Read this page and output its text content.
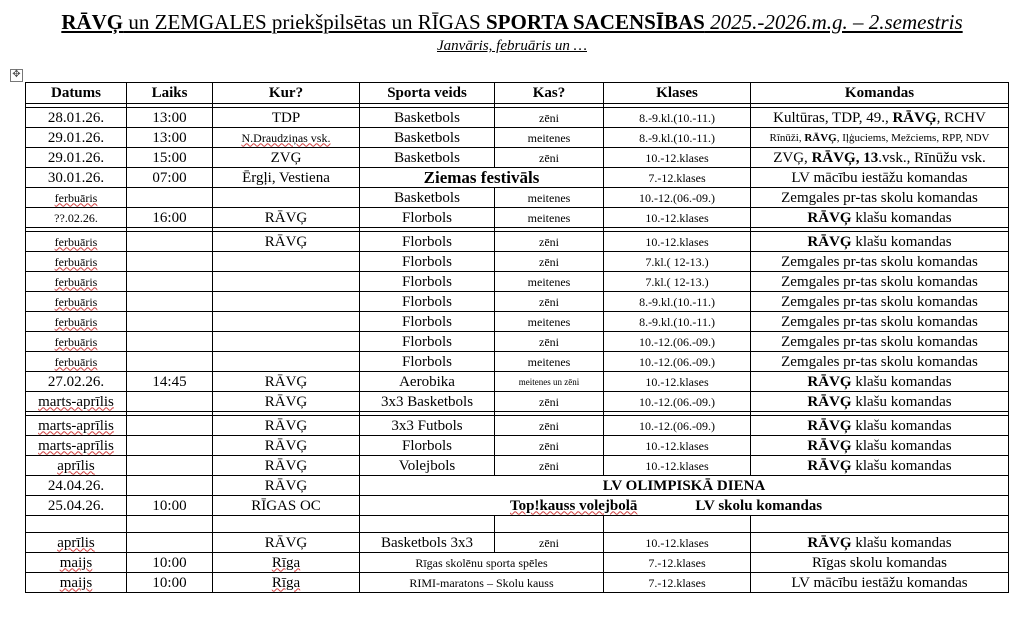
RĀVĢ un ZEMGALES priekšpilsētas un RĪGAS SPORTA SACENSĪBAS 2025.-2026.m.g. – 2.semestris
Janvāris, februāris un …
✥
Datums	Laiks	Kur?	Sporta veids	Kas?	Klases	Komandas

28.01.26.	13:00	TDP	Basketbols	zēni	8.-9.kl.(10.-11.)	Kultūras, TDP, 49., RĀVĢ, RCHV
29.01.26.	13:00	N.Draudziņas vsk.	Basketbols	meitenes	8.-9.kl.(10.-11.)	Rīnūži, RĀVĢ, Iļģuciems, Mežciems, RPP, NDV
29.01.26.	15:00	ZVĢ	Basketbols	zēni	10.-12.klases	ZVĢ, RĀVĢ, 13.vsk., Rīnūžu vsk.
30.01.26.	07:00	Ērgļi, Vestiena	Ziemas festivāls		7.-12.klases	LV mācību iestāžu komandas
ferbuāris			Basketbols	meitenes	10.-12.(06.-09.)	Zemgales pr-tas skolu komandas
??.02.26.	16:00	RĀVĢ	Florbols	meitenes	10.-12.klases	RĀVĢ klašu komandas

ferbuāris		RĀVĢ	Florbols	zēni	10.-12.klases	RĀVĢ klašu komandas
ferbuāris			Florbols	zēni	7.kl.( 12-13.)	Zemgales pr-tas skolu komandas
ferbuāris			Florbols	meitenes	7.kl.( 12-13.)	Zemgales pr-tas skolu komandas
ferbuāris			Florbols	zēni	8.-9.kl.(10.-11.)	Zemgales pr-tas skolu komandas
ferbuāris			Florbols	meitenes	8.-9.kl.(10.-11.)	Zemgales pr-tas skolu komandas
ferbuāris			Florbols	zēni	10.-12.(06.-09.)	Zemgales pr-tas skolu komandas
ferbuāris			Florbols	meitenes	10.-12.(06.-09.)	Zemgales pr-tas skolu komandas
27.02.26.	14:45	RĀVĢ	Aerobika	meitenes un zēni	10.-12.klases	RĀVĢ klašu komandas
marts-aprīlis		RĀVĢ	3x3 Basketbols	zēni	10.-12.(06.-09.)	RĀVĢ klašu komandas

marts-aprīlis		RĀVĢ	3x3 Futbols	zēni	10.-12.(06.-09.)	RĀVĢ klašu komandas
marts-aprīlis		RĀVĢ	Florbols	zēni	10.-12.klases	RĀVĢ klašu komandas
aprīlis		RĀVĢ	Volejbols	zēni	10.-12.klases	RĀVĢ klašu komandas
24.04.26.		RĀVĢ	LV OLIMPISKĀ DIENA			
25.04.26.	10:00	RĪGAS OC	Top!kauss volejbolā LV skolu komandas			

aprīlis		RĀVĢ	Basketbols 3x3	zēni	10.-12.klases	RĀVĢ klašu komandas
maijs	10:00	Rīga	Rīgas skolēnu sporta spēles		7.-12.klases	Rīgas skolu komandas
maijs	10:00	Rīga	RIMI-maratons – Skolu kauss		7.-12.klases	LV mācību iestāžu komandas
